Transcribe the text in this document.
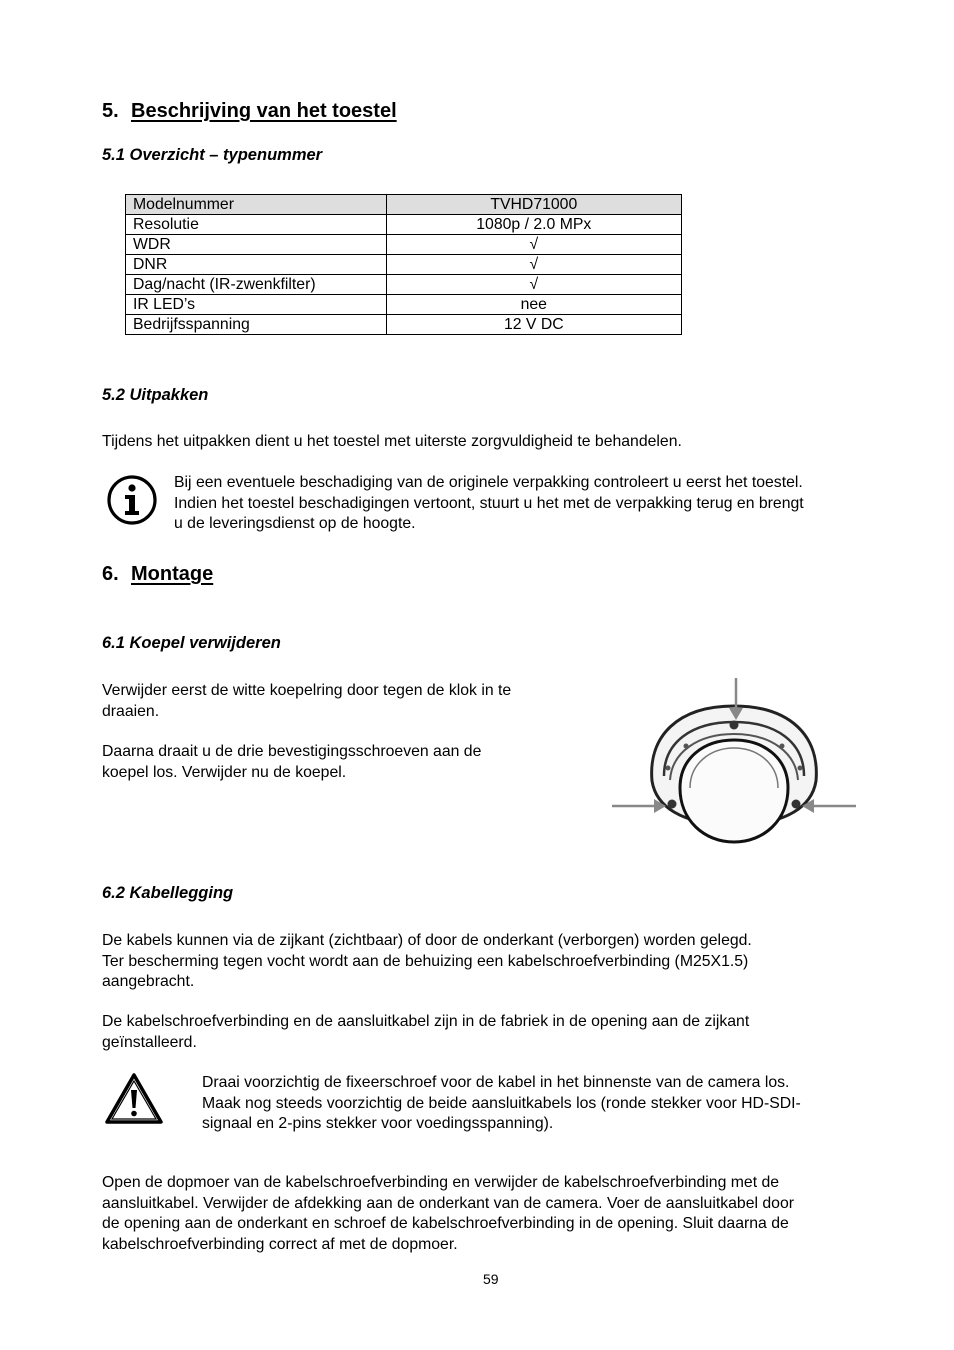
5. Beschrijving van het toestel
5.1 Overzicht – typenummer
Modelnummer	TVHD71000
Resolutie	1080p / 2.0 MPx
WDR	√
DNR	√
Dag/nacht (IR-zwenkfilter)	√
IR LED’s	nee
Bedrijfsspanning	12 V DC
5.2 Uitpakken
Tijdens het uitpakken dient u het toestel met uiterste zorgvuldigheid te behandelen.
Bij een eventuele beschadiging van de originele verpakking controleert u eerst het toestel.
Indien het toestel beschadigingen vertoont, stuurt u het met de verpakking terug en brengt
u de leveringsdienst op de hoogte.
6. Montage
6.1 Koepel verwijderen
Verwijder eerst de witte koepelring door tegen de klok in te
draaien.
Daarna draait u de drie bevestigingsschroeven aan de
koepel los. Verwijder nu de koepel.
6.2 Kabellegging
De kabels kunnen via de zijkant (zichtbaar) of door de onderkant (verborgen) worden gelegd.
Ter bescherming tegen vocht wordt aan de behuizing een kabelschroefverbinding (M25X1.5)
aangebracht.
De kabelschroefverbinding en de aansluitkabel zijn in de fabriek in de opening aan de zijkant
geïnstalleerd.
Draai voorzichtig de fixeerschroef voor de kabel in het binnenste van de camera los.
Maak nog steeds voorzichtig de beide aansluitkabels los (ronde stekker voor HD-SDI-
signaal en 2-pins stekker voor voedingsspanning).
Open de dopmoer van de kabelschroefverbinding en verwijder de kabelschroefverbinding met de
aansluitkabel. Verwijder de afdekking aan de onderkant van de camera. Voer de aansluitkabel door
de opening aan de onderkant en schroef de kabelschroefverbinding in de opening. Sluit daarna de
kabelschroefverbinding correct af met de dopmoer.
59
